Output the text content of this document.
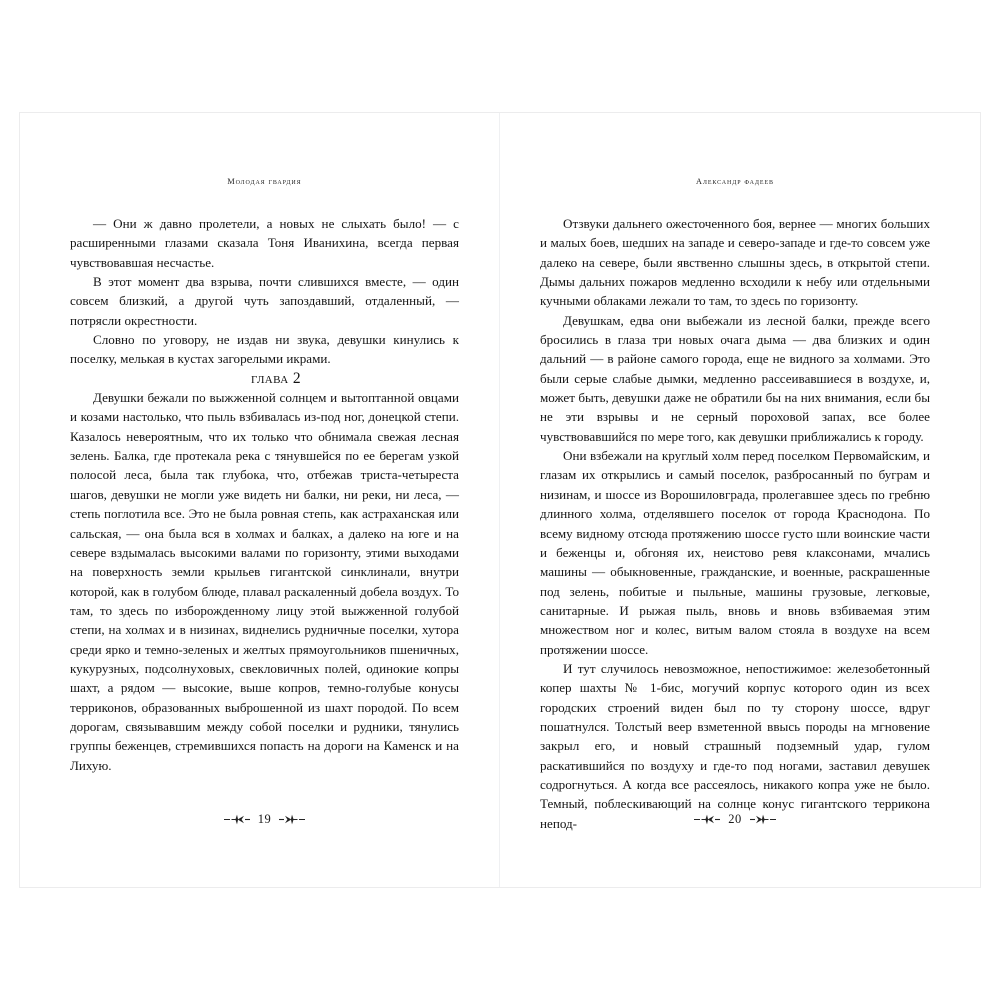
Молодая гвардия

— Они ж давно пролетели, а новых не слыхать было! — с расширенными глазами сказала Тоня Иванихина, всегда первая чувствовавшая несчастье.

В этот момент два взрыва, почти слившихся вместе, — один совсем близкий, а другой чуть запоздавший, отдаленный, — потрясли окрестности.

Словно по уговору, не издав ни звука, девушки кинулись к поселку, мелькая в кустах загорелыми икрами.

глава 2

Девушки бежали по выжженной солнцем и вытоптанной овцами и козами настолько, что пыль взбивалась из-под ног, донецкой степи. Казалось невероятным, что их только что обнимала свежая лесная зелень. Балка, где протекала река с тянувшейся по ее берегам узкой полосой леса, была так глубока, что, отбежав триста-четыреста шагов, девушки не могли уже видеть ни балки, ни реки, ни леса, — степь поглотила все. Это не была ровная степь, как астраханская или сальская, — она была вся в холмах и балках, а далеко на юге и на севере вздымалась высокими валами по горизонту, этими выходами на поверхность земли крыльев гигантской синклинали, внутри которой, как в голубом блюде, плавал раскаленный добела воздух. То там, то здесь по изборожденному лицу этой выжженной голубой степи, на холмах и в низинах, виднелись рудничные поселки, хутора среди ярко и темно-зеленых и желтых прямоугольников пшеничных, кукурузных, подсолнуховых, свекловичных полей, одинокие копры шахт, а рядом — высокие, выше копров, темно-голубые конусы терриконов, образованных выброшенной из шахт породой. По всем дорогам, связывавшим между собой поселки и рудники, тянулись группы беженцев, стремившихся попасть на дороги на Каменск и на Лихую.

19
Александр фадеев

Отзвуки дальнего ожесточенного боя, вернее — многих больших и малых боев, шедших на западе и северо-западе и где-то совсем уже далеко на севере, были явственно слышны здесь, в открытой степи. Дымы дальних пожаров медленно всходили к небу или отдельными кучными облаками лежали то там, то здесь по горизонту.

Девушкам, едва они выбежали из лесной балки, прежде всего бросились в глаза три новых очага дыма — два близких и один дальний — в районе самого города, еще не видного за холмами. Это были серые слабые дымки, медленно рассеивавшиеся в воздухе, и, может быть, девушки даже не обратили бы на них внимания, если бы не эти взрывы и не серный пороховой запах, все более чувствовавшийся по мере того, как девушки приближались к городу.

Они взбежали на круглый холм перед поселком Первомайским, и глазам их открылись и самый поселок, разбросанный по буграм и низинам, и шоссе из Ворошиловграда, пролегавшее здесь по гребню длинного холма, отделявшего поселок от города Краснодона. По всему видному отсюда протяжению шоссе густо шли воинские части и беженцы и, обгоняя их, неистово ревя клаксонами, мчались машины — обыкновенные, гражданские, и военные, раскрашенные под зелень, побитые и пыльные, машины грузовые, легковые, санитарные. И рыжая пыль, вновь и вновь взбиваемая этим множеством ног и колес, витым валом стояла в воздухе на всем протяжении шоссе.

И тут случилось невозможное, непостижимое: железобетонный копер шахты № 1-бис, могучий корпус которого один из всех городских строений виден был по ту сторону шоссе, вдруг пошатнулся. Толстый веер взметенной ввысь породы на мгновение закрыл его, и новый страшный подземный удар, гулом раскатившийся по воздуху и где-то под ногами, заставил девушек содрогнуться. А когда все рассеялось, никакого копра уже не было. Темный, поблескивающий на солнце конус гигантского террикона непод-	20
